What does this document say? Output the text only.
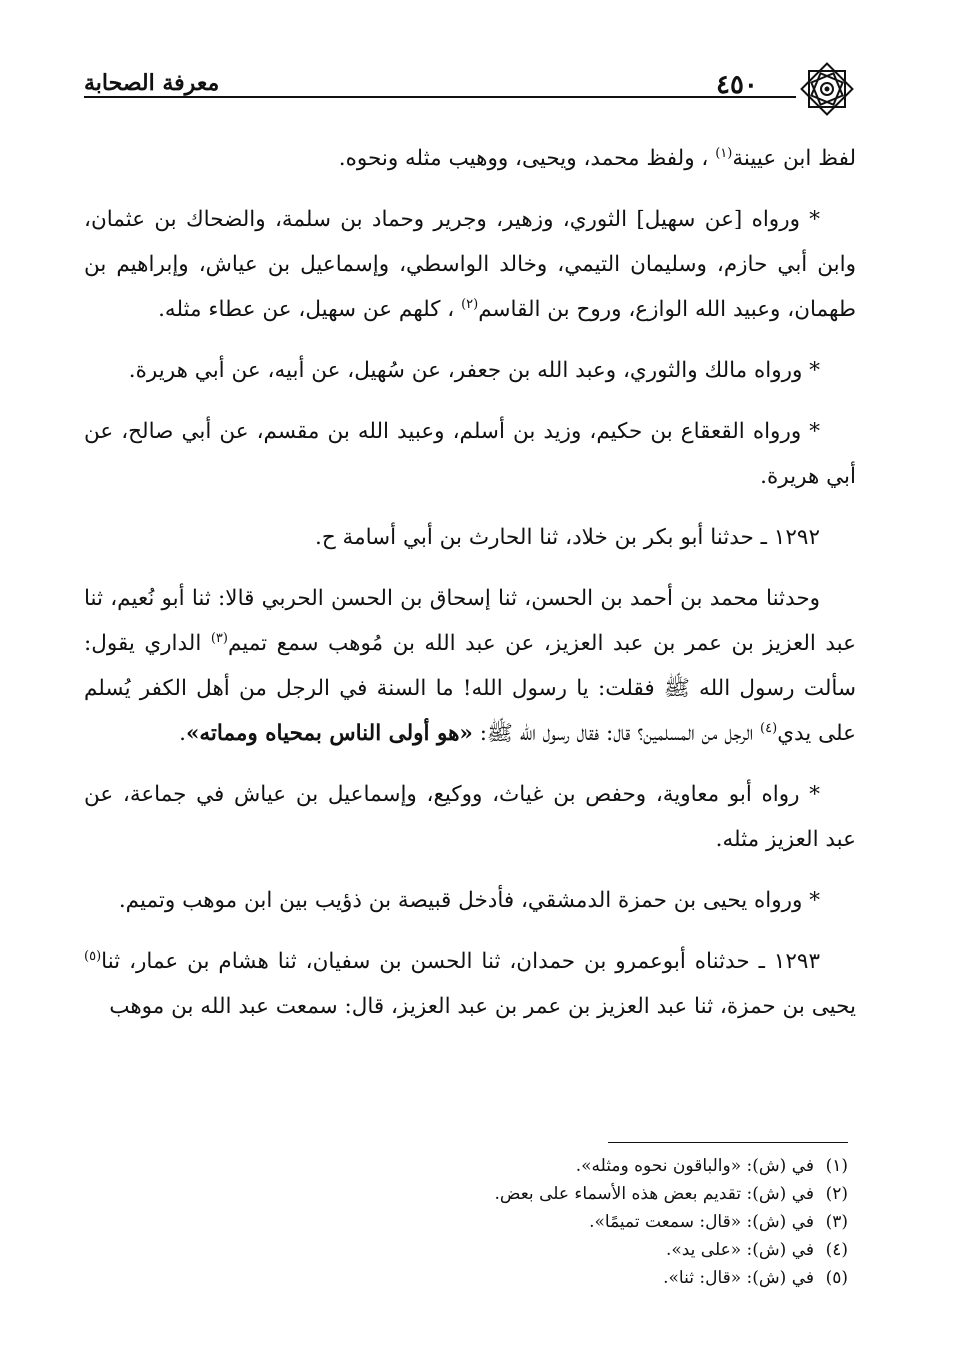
معرفة الصحابة	٤٥٠

لفظ ابن عيينة$^{(١)}$ ، ولفظ محمد، ويحيى، ووهيب مثله ونحوه.

* ورواه [عن سهيل] الثوري، وزهير، وجرير وحماد بن سلمة، والضحاك بن عثمان، وابن أبي حازم، وسليمان التيمي، وخالد الواسطي، وإسماعيل بن عياش، وإبراهيم بن طهمان، وعبيد الله الوازع، وروح بن القاسم$^{(٢)}$ ، كلهم عن سهيل، عن عطاء مثله.

* ورواه مالك والثوري، وعبد الله بن جعفر، عن سُهيل، عن أبيه، عن أبي هريرة.

* ورواه القعقاع بن حكيم، وزيد بن أسلم، وعبيد الله بن مقسم، عن أبي صالح، عن أبي هريرة.

١٢٩٢ ـ حدثنا أبو بكر بن خلاد، ثنا الحارث بن أبي أسامة ح.

وحدثنا محمد بن أحمد بن الحسن، ثنا إسحاق بن الحسن الحربي قالا: ثنا أبو نُعيم، ثنا عبد العزيز بن عمر بن عبد العزيز، عن عبد الله بن مُوهب سمع تميم$^{(٣)}$ الداري يقول: سألت رسول الله ﷺ فقلت: يا رسول الله! ما السنة في الرجل من أهل الكفر يُسلم على يدي$^{(٤)}$ الرجل من المسلمين؟ قال: فقال رسول الله ﷺ: «هو أولى الناس بمحياه ومماته».

* رواه أبو معاوية، وحفص بن غياث، ووكيع، وإسماعيل بن عياش في جماعة، عن عبد العزيز مثله.

* ورواه يحيى بن حمزة الدمشقي، فأدخل قبيصة بن ذؤيب بين ابن موهب وتميم.

١٢٩٣ ـ حدثناه أبوعمرو بن حمدان، ثنا الحسن بن سفيان، ثنا هشام بن عمار، ثنا$^{(٥)}$ يحيى بن حمزة، ثنا عبد العزيز بن عمر بن عبد العزيز، قال: سمعت عبد الله بن موهب

(١)في (ش): «والباقون نحوه ومثله».
(٢)في (ش): تقديم بعض هذه الأسماء على بعض.
(٣)في (ش): «قال: سمعت تميمًا».
(٤)في (ش): «على يد».
(٥)في (ش): «قال: ثنا».
